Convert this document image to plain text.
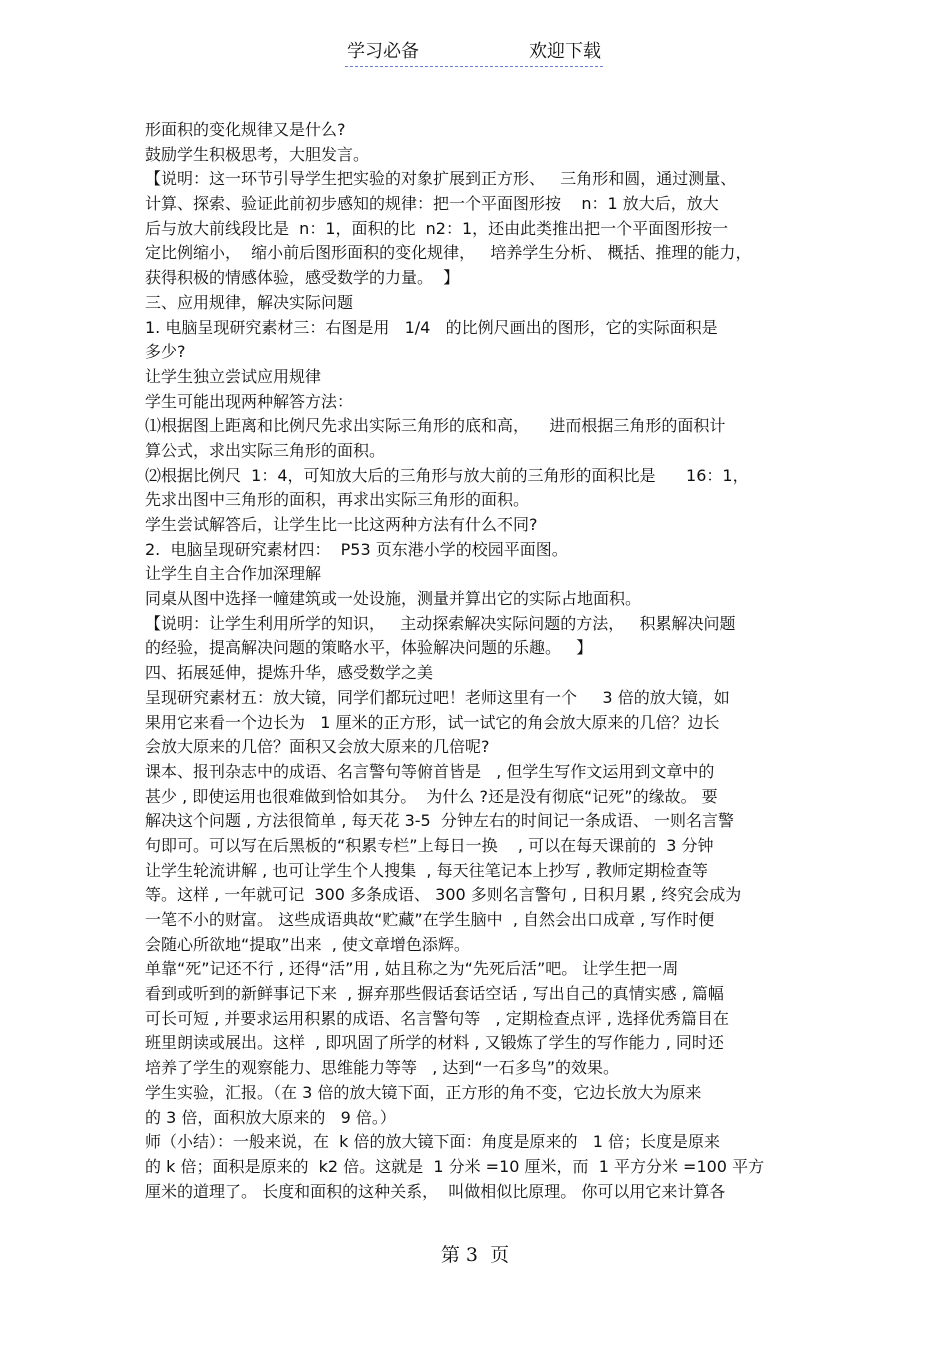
学习必备	欢迎下载
形面积的变化规律又是什么?
鼓励学生积极思考，大胆发言。
【说明：这一环节引导学生把实验的对象扩展到正方形、   三角形和圆，通过测量、
计算、探索、验证此前初步感知的规律：把一个平面图形按    n：1 放大后，放大
后与放大前线段比是  n：1，面积的比  n2：1，还由此类推出把一个平面图形按一
定比例缩小，  缩小前后图形面积的变化规律，   培养学生分析、 概括、推理的能力，
获得积极的情感体验，感受数学的力量。  】
三、应用规律，解决实际问题
1. 电脑呈现研究素材三：右图是用   1/4   的比例尺画出的图形，它的实际面积是
多少?
让学生独立尝试应用规律
学生可能出现两种解答方法：
⑴根据图上距离和比例尺先求出实际三角形的底和高，    进而根据三角形的面积计
算公式，求出实际三角形的面积。
⑵根据比例尺  1：4，可知放大后的三角形与放大前的三角形的面积比是      16：1，
先求出图中三角形的面积，再求出实际三角形的面积。
学生尝试解答后，让学生比一比这两种方法有什么不同?
2.  电脑呈现研究素材四：  P53 页东港小学的校园平面图。
让学生自主合作加深理解
同桌从图中选择一幢建筑或一处设施，测量并算出它的实际占地面积。
【说明：让学生利用所学的知识，   主动探索解决实际问题的方法，   积累解决问题
的经验，提高解决问题的策略水平，体验解决问题的乐趣。   】
四、拓展延伸，提炼升华，感受数学之美
呈现研究素材五：放大镜，同学们都玩过吧！老师这里有一个     3 倍的放大镜，如
果用它来看一个边长为   1 厘米的正方形，试一试它的角会放大原来的几倍？边长
会放大原来的几倍？面积又会放大原来的几倍呢?
课本、报刊杂志中的成语、名言警句等俯首皆是   , 但学生写作文运用到文章中的
甚少 , 即使运用也很难做到恰如其分。  为什么 ?还是没有彻底“记死”的缘故。 要
解决这个问题 , 方法很简单 , 每天花 3-5  分钟左右的时间记一条成语、 一则名言警
句即可。可以写在后黑板的“积累专栏”上每日一换    , 可以在每天课前的  3 分钟
让学生轮流讲解 , 也可让学生个人搜集  , 每天往笔记本上抄写 , 教师定期检查等
等。这样 , 一年就可记  300 多条成语、 300 多则名言警句 , 日积月累 , 终究会成为
一笔不小的财富。 这些成语典故“贮藏”在学生脑中  , 自然会出口成章 , 写作时便
会随心所欲地“提取”出来  , 使文章增色添辉。
单靠“死”记还不行 , 还得“活”用 , 姑且称之为“先死后活”吧。 让学生把一周
看到或听到的新鲜事记下来  , 摒弃那些假话套话空话 , 写出自己的真情实感 , 篇幅
可长可短 , 并要求运用积累的成语、名言警句等   , 定期检查点评 , 选择优秀篇目在
班里朗读或展出。这样  , 即巩固了所学的材料 , 又锻炼了学生的写作能力 , 同时还
培养了学生的观察能力、思维能力等等   , 达到“一石多鸟”的效果。
学生实验，汇报。（在 3 倍的放大镜下面，正方形的角不变，它边长放大为原来
的 3 倍，面积放大原来的   9 倍。）
师（小结）：一般来说，在  k 倍的放大镜下面：角度是原来的   1 倍；长度是原来
的 k 倍；面积是原来的  k2 倍。这就是  1 分米 =10 厘米，而  1 平方分米 =100 平方
厘米的道理了。 长度和面积的这种关系，  叫做相似比原理。 你可以用它来计算各
第 3  页
